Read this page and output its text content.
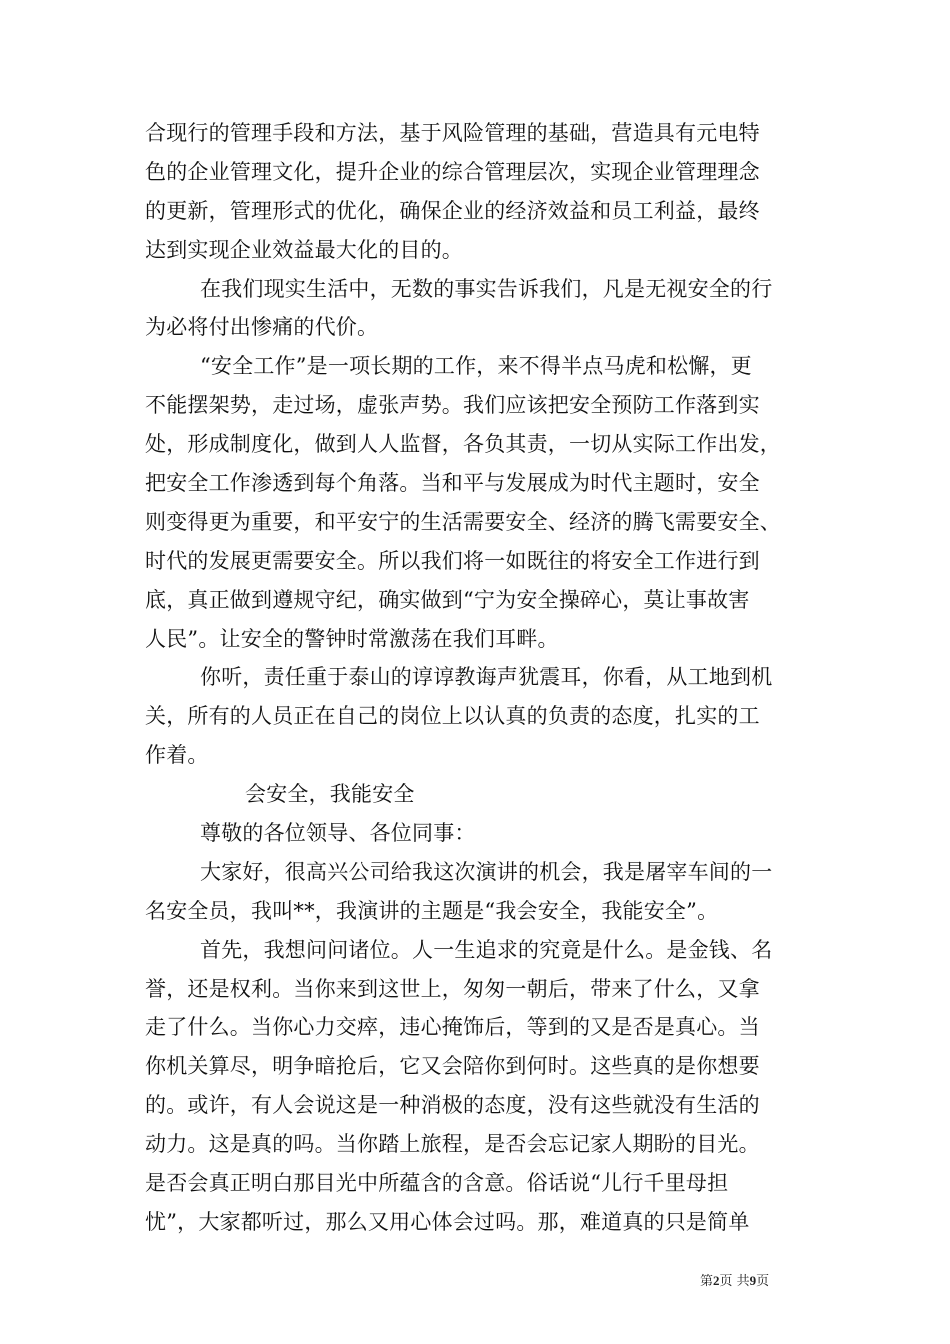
合现行的管理手段和方法，基于风险管理的基础，营造具有元电特
色的企业管理文化，提升企业的综合管理层次，实现企业管理理念
的更新，管理形式的优化，确保企业的经济效益和员工利益，最终
达到实现企业效益最大化的目的。
在我们现实生活中，无数的事实告诉我们，凡是无视安全的行
为必将付出惨痛的代价。
“安全工作”是一项长期的工作，来不得半点马虎和松懈，更
不能摆架势，走过场，虚张声势。我们应该把安全预防工作落到实
处，形成制度化，做到人人监督，各负其责，一切从实际工作出发，
把安全工作渗透到每个角落。当和平与发展成为时代主题时，安全
则变得更为重要，和平安宁的生活需要安全、经济的腾飞需要安全、
时代的发展更需要安全。所以我们将一如既往的将安全工作进行到
底，真正做到遵规守纪，确实做到“宁为安全操碎心，莫让事故害
人民”。让安全的警钟时常激荡在我们耳畔。
你听，责任重于泰山的谆谆教诲声犹震耳，你看，从工地到机
关，所有的人员正在自己的岗位上以认真的负责的态度，扎实的工
作着。
会安全，我能安全
尊敬的各位领导、各位同事：
大家好，很高兴公司给我这次演讲的机会，我是屠宰车间的一
名安全员，我叫**，我演讲的主题是“我会安全，我能安全”。
首先，我想问问诸位。人一生追求的究竟是什么。是金钱、名
誉，还是权利。当你来到这世上，匆匆一朝后，带来了什么，又拿
走了什么。当你心力交瘁，违心掩饰后，等到的又是否是真心。当
你机关算尽，明争暗抢后，它又会陪你到何时。这些真的是你想要
的。或许，有人会说这是一种消极的态度，没有这些就没有生活的
动力。这是真的吗。当你踏上旅程，是否会忘记家人期盼的目光。
是否会真正明白那目光中所蕴含的含意。俗话说“儿行千里母担
忧”，大家都听过，那么又用心体会过吗。那，难道真的只是简单
第2页 共9页
